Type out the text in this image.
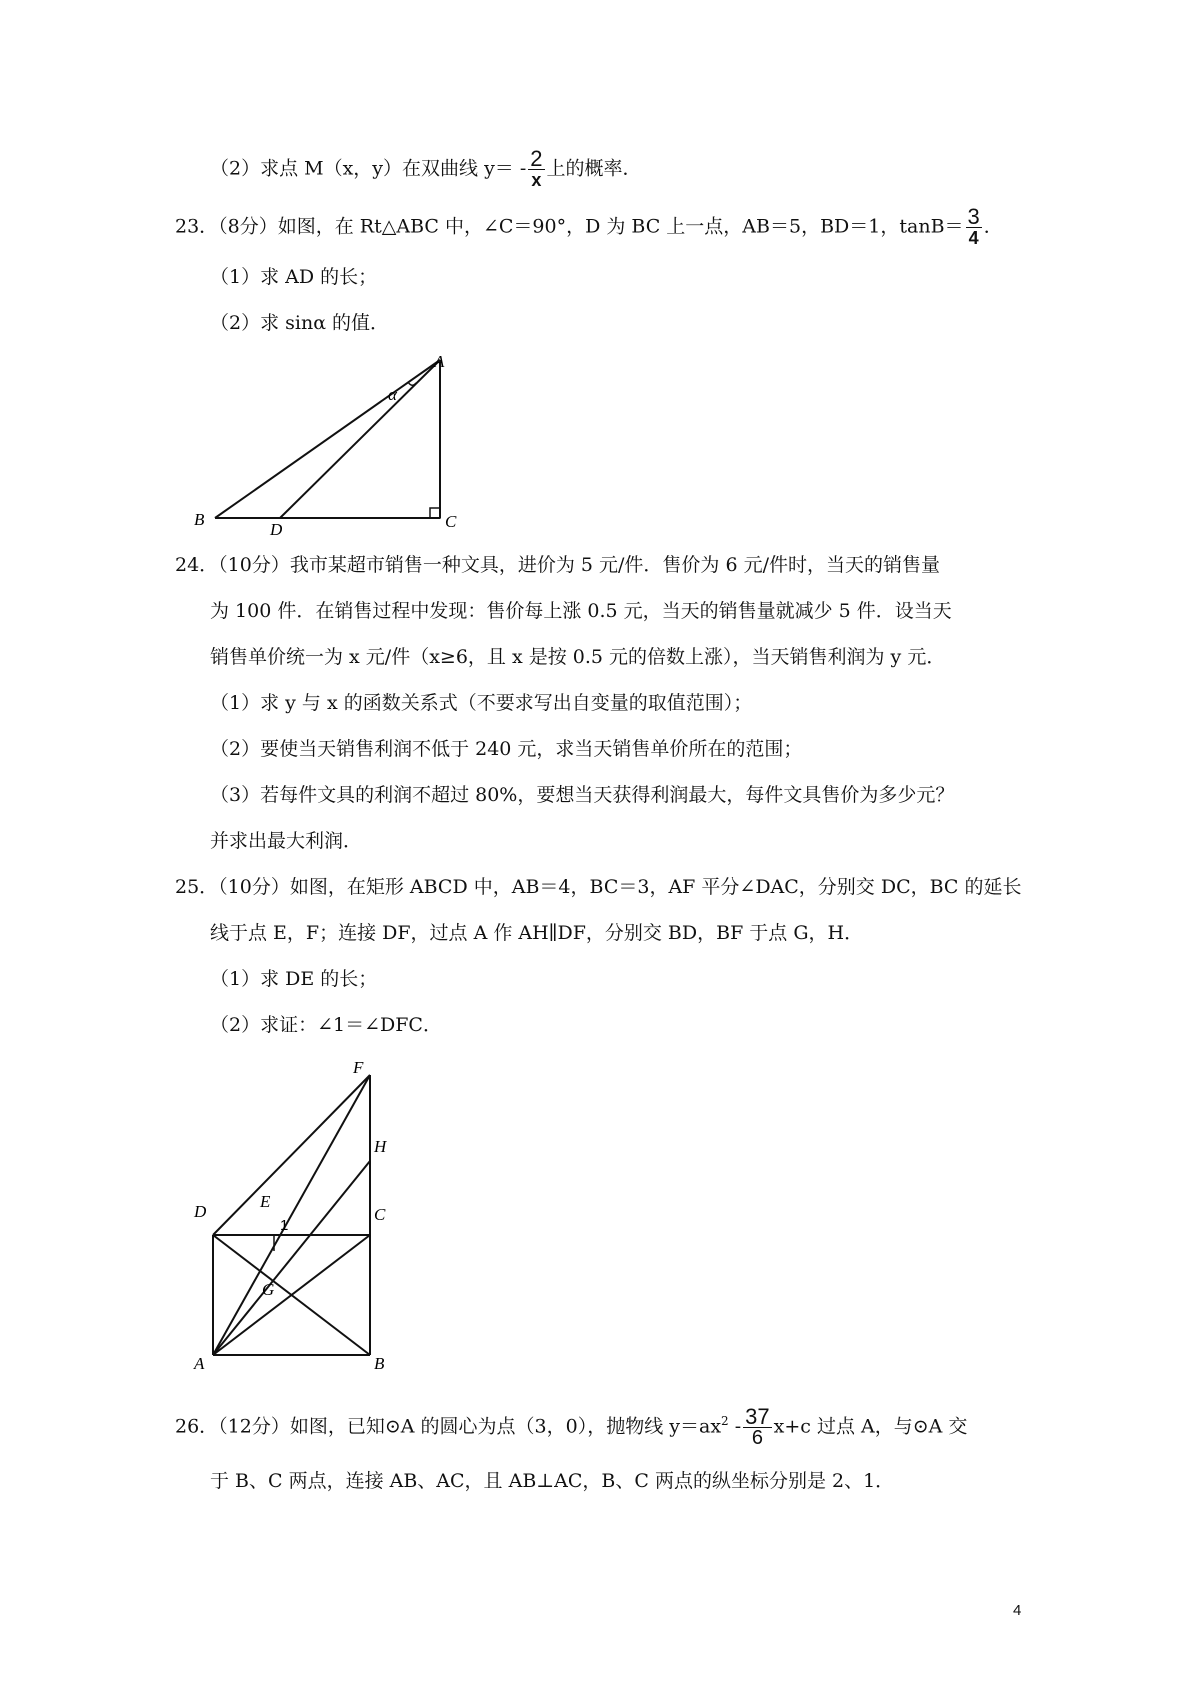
（2）求点 M（x，y）在双曲线 $y= - \frac{2}{x}$ 上的概率．
23．（8分）如图，在 Rt△ABC 中，∠C＝90°，D 为 BC 上一点，AB＝5，BD＝1，$\tan B= \frac{3}{4}$ ．
（1）求 AD 的长；
（2）求 sinα 的值．
A
B
D	C
α
24．（10分）我市某超市销售一种文具，进价为 5 元/件．售价为 6 元/件时，当天的销售量
为 100 件．在销售过程中发现：售价每上涨 0.5 元，当天的销售量就减少 5 件．设当天
销售单价统一为 x 元/件（x≥6，且 x 是按 0.5 元的倍数上涨），当天销售利润为 y 元．
（1）求 y 与 x 的函数关系式（不要求写出自变量的取值范围）；
（2）要使当天销售利润不低于 240 元，求当天销售单价所在的范围；
（3）若每件文具的利润不超过 80%，要想当天获得利润最大，每件文具售价为多少元？
并求出最大利润．
25．（10分）如图，在矩形 ABCD 中，AB＝4，BC＝3，AF 平分∠DAC，分别交 DC，BC 的延长
线于点 E，F；连接 DF，过点 A 作 AH∥DF，分别交 BD，BF 于点 G，H．
（1）求 DE 的长；
（2）求证：∠1＝∠DFC．
F
H
D
E
C
1
G
A	B
26．（12分）如图，已知⊙A 的圆心为点（3，0），抛物线 $y=ax^2 - \frac{37}{6} x+c$ 过点 A，与⊙A 交
于 B、C 两点，连接 AB、AC，且 AB⊥AC，B、C 两点的纵坐标分别是 2、1．
4
